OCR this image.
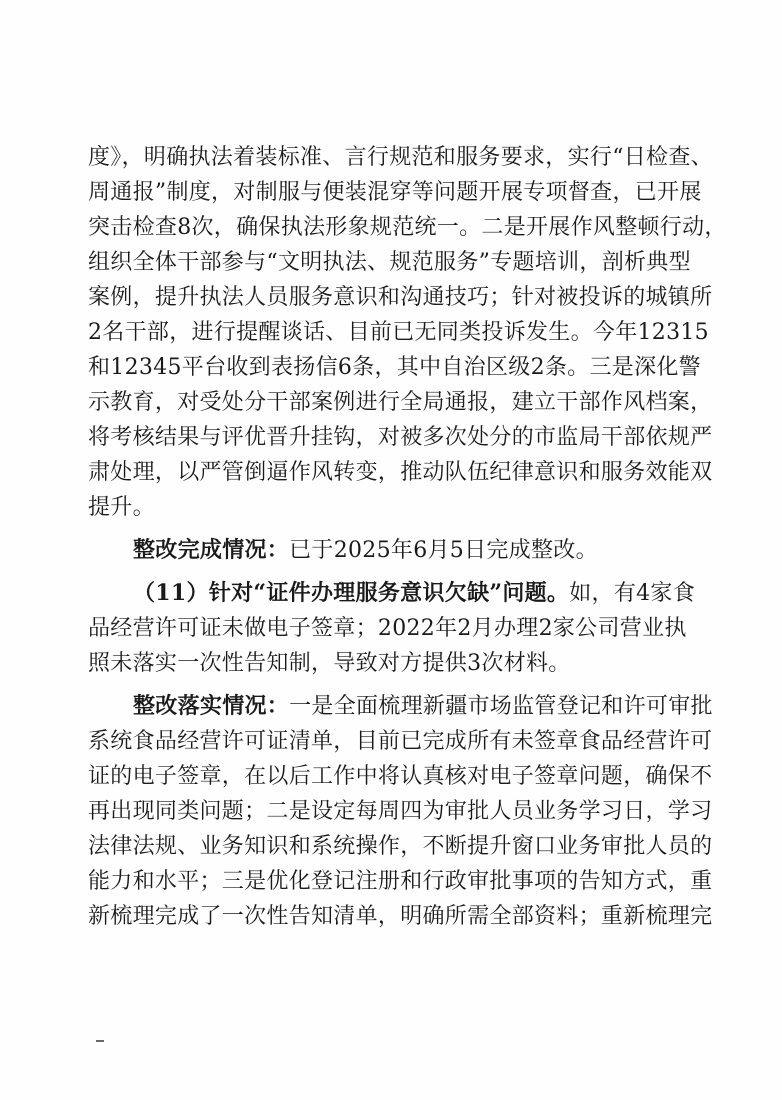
度》，明确执法着装标准、言行规范和服务要求，实行“日检查、
周通报”制度，对制服与便装混穿等问题开展专项督查，已开展
突击检查8次，确保执法形象规范统一。二是开展作风整顿行动，
组织全体干部参与“文明执法、规范服务”专题培训，剖析典型
案例，提升执法人员服务意识和沟通技巧；针对被投诉的城镇所
2名干部，进行提醒谈话、目前已无同类投诉发生。今年12315
和12345平台收到表扬信6条，其中自治区级2条。三是深化警
示教育，对受处分干部案例进行全局通报，建立干部作风档案，
将考核结果与评优晋升挂钩，对被多次处分的市监局干部依规严
肃处理，以严管倒逼作风转变，推动队伍纪律意识和服务效能双
提升。
整改完成情况： 已于2025年6月5日完成整改。
（11）针对“证件办理服务意识欠缺”问题。 如，有4家食
品经营许可证未做电子签章；2022年2月办理2家公司营业执
照未落实一次性告知制，导致对方提供3次材料。
整改落实情况： 一是全面梳理新疆市场监管登记和许可审批
系统食品经营许可证清单，目前已完成所有未签章食品经营许可
证的电子签章，在以后工作中将认真核对电子签章问题，确保不
再出现同类问题；二是设定每周四为审批人员业务学习日，学习
法律法规、业务知识和系统操作，不断提升窗口业务审批人员的
能力和水平；三是优化登记注册和行政审批事项的告知方式，重
新梳理完成了一次性告知清单，明确所需全部资料；重新梳理完
